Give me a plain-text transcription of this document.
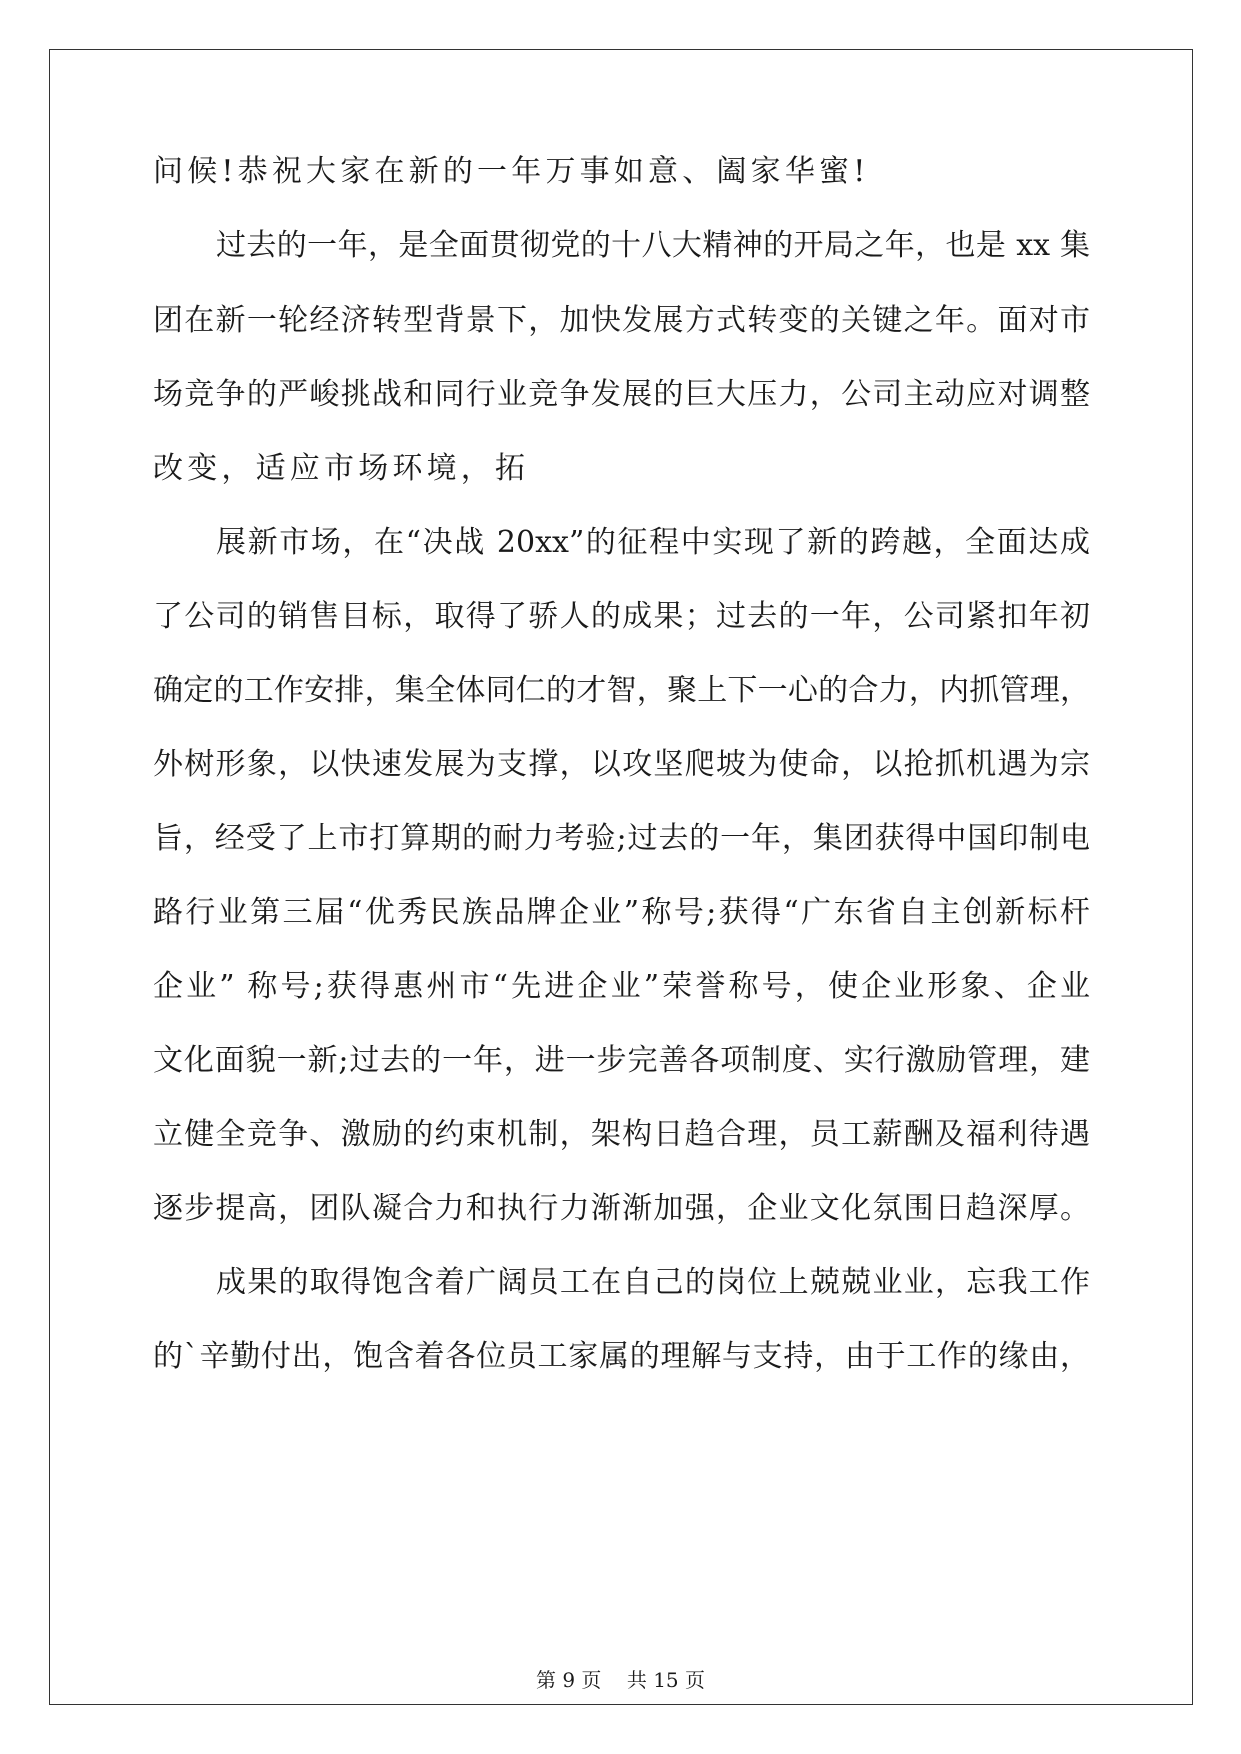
问候!恭祝大家在新的一年万事如意、阖家华蜜!
过去的一年，是全面贯彻党的十八大精神的开局之年，也是 xx 集
团在新一轮经济转型背景下，加快发展方式转变的关键之年。面对市
场竞争的严峻挑战和同行业竞争发展的巨大压力，公司主动应对调整
改变，适应市场环境，拓
展新市场，在“决战 20xx”的征程中实现了新的跨越，全面达成
了公司的销售目标，取得了骄人的成果；过去的一年，公司紧扣年初
确定的工作安排，集全体同仁的才智，聚上下一心的合力，内抓管理，
外树形象，以快速发展为支撑，以攻坚爬坡为使命，以抢抓机遇为宗
旨，经受了上市打算期的耐力考验;过去的一年，集团获得中国印制电
路行业第三届“优秀民族品牌企业”称号;获得“广东省自主创新标杆
企业” 称号;获得惠州市“先进企业”荣誉称号，使企业形象、企业
文化面貌一新;过去的一年，进一步完善各项制度、实行激励管理，建
立健全竞争、激励的约束机制，架构日趋合理，员工薪酬及福利待遇
逐步提高，团队凝合力和执行力渐渐加强，企业文化氛围日趋深厚。
成果的取得饱含着广阔员工在自己的岗位上兢兢业业，忘我工作
的`辛勤付出，饱含着各位员工家属的理解与支持，由于工作的缘由，
第 9 页    共 15 页
